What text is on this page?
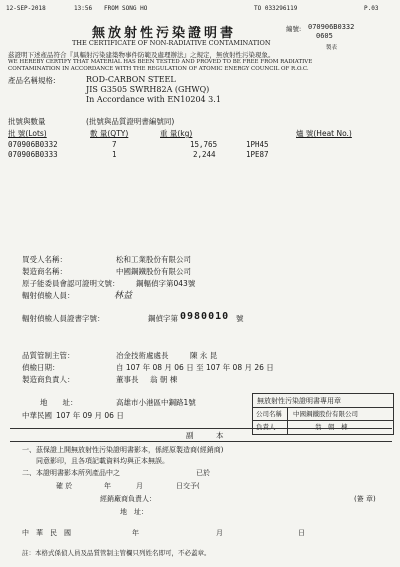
12-SEP-2018	13:56 FROM SONG HO	TO 033296119	P.03
無放射性污染證明書	編號: 070906B0332
0605
THE CERTIFICATE OF NON-RADIATIVE CONTAMINATION
製表
茲證明下述產品符合『具輻射污染建築物事件防範及處理辦法』之規定，無放射性污染現象。
WE HEREBY CERTIFY THAT MATERIAL HAS BEEN TESTED AND PROVED TO BE FREE FROM RADIATIVE
CONTAMINATION IN ACCORDANCE WITH THE REGULATION OF ATOMIC ENERGY COUNCIL OF R.O.C.
產品名稱規格:	ROD-CARBON STEEL
JIS G3505 SWRH82A (GHWQ)
In Accordance with EN10204 3.1
批號與數量	(批號與品質證明書編號同)
批 號(Lots)	數 量(QTY)	重 量(kg)	爐 號(Heat No.)
070906B0332	7	15,765	1PH45
070906B0333	1	2,244	1PE87
買受人名稱：	松和工業股份有限公司
製造商名稱：	中國鋼鐵股份有限公司
原子能委員會認可證明文號： 鋼輻偵字第043號
輻射偵檢人員：	林益
輻射偵檢人員證書字號：	鋼偵字第 0980010 號
品質管制主管：	冶金技術處處長	陳 永 昆
偵檢日期：	自 107 年 08 月 06 日 至 107 年 08 月 26 日
製造商負責人：	董事長 翁 朝 棟
地　　址：	高雄市小港區中鋼路1號
中華民國 107 年 09 月 06 日
無放射性污染證明書專用章
公司名稱 中國鋼鐵股份有限公司
負責人	翁　朝　棟
副　　　本
一、茲保證上開無放射性污染證明書影本，係經原製造商(經銷商)
同意影印，且各項記載資料均與正本無誤。
二、本證明書影本所列產品中之	已於
確 於	年	月	日交予(
經銷廠商負責人：	(簽 章)
地　址：
中　華　民　國	年	月	日
註：本格式係偵人員及品質管制主管欄只列姓名即可，不必蓋章。
